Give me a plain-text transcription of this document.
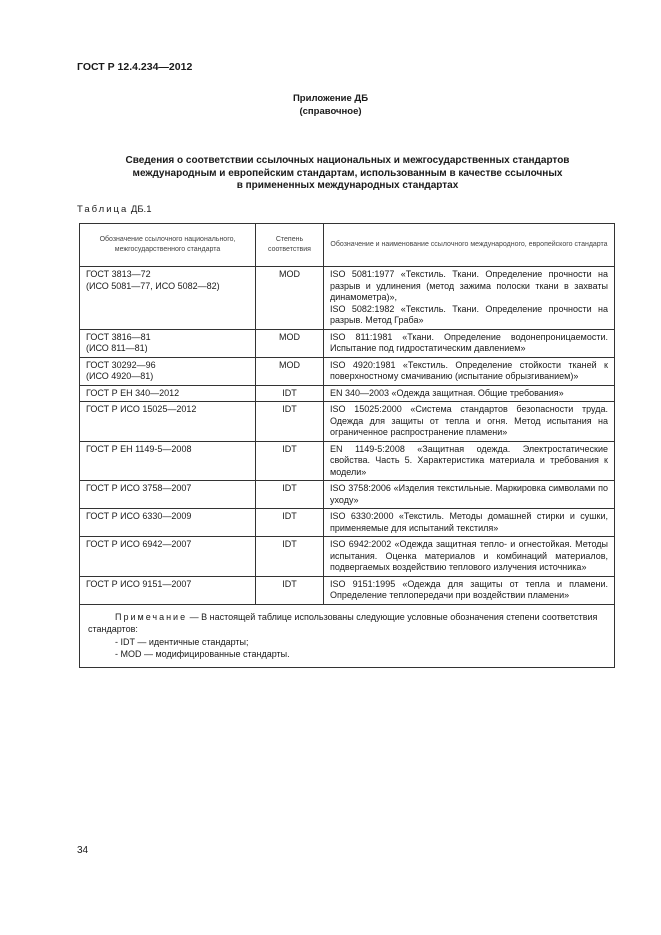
ГОСТ Р 12.4.234—2012
Приложение ДБ
(справочное)
Сведения о соответствии ссылочных национальных и межгосударственных стандартов
международным и европейским стандартам, использованным в качестве ссылочных
в примененных международных стандартах
Таблица ДБ.1
Обозначение ссылочного национального, межгосударственного стандарта	Степень соответствия	Обозначение и наименование ссылочного международного, европейского стандарта

ГОСТ 3813—72
(ИСО 5081—77, ИСО 5082—82)	MOD	ISO 5081:1977 «Текстиль. Ткани. Определение прочности на разрыв и удлинения (метод зажима полоски ткани в захваты динамометра)»,
ISO 5082:1982 «Текстиль. Ткани. Определение прочности на разрыв. Метод Граба»

ГОСТ 3816—81
(ИСО 811—81)	MOD	ISO 811:1981 «Ткани. Определение водонепроницаемости. Испытание под гидростатическим давлением»

ГОСТ 30292—96
(ИСО 4920—81)	MOD	ISO 4920:1981 «Текстиль. Определение стойкости тканей к поверхностному смачиванию (испытание обрызгиванием)»

ГОСТ Р ЕН 340—2012	IDT	EN 340—2003 «Одежда защитная. Общие требования»

ГОСТ Р ИСО 15025—2012	IDT	ISO 15025:2000 «Система стандартов безопасности труда. Одежда для защиты от тепла и огня. Метод испытания на ограниченное распространение пламени»

ГОСТ Р ЕН 1149-5—2008	IDT	EN 1149-5:2008 «Защитная одежда. Электростатические свойства. Часть 5. Характеристика материала и требования к модели»

ГОСТ Р ИСО 3758—2007	IDT	ISO 3758:2006 «Изделия текстильные. Маркировка символами по уходу»

ГОСТ Р ИСО 6330—2009	IDT	ISO 6330:2000 «Текстиль. Методы домашней стирки и сушки, применяемые для испытаний текстиля»

ГОСТ Р ИСО 6942—2007	IDT	ISO 6942:2002 «Одежда защитная тепло- и огнестойкая. Методы испытания. Оценка материалов и комбинаций материалов, подвергаемых воздействию теплового излучения источника»

ГОСТ Р ИСО 9151—2007	IDT	ISO 9151:1995 «Одежда для защиты от тепла и пламени. Определение теплопередачи при воздействии пламени»

Примечание — В настоящей таблице использованы следующие условные обозначения степени соответствия стандартов:
- IDT — идентичные стандарты;
- MOD — модифицированные стандарты.		
34
